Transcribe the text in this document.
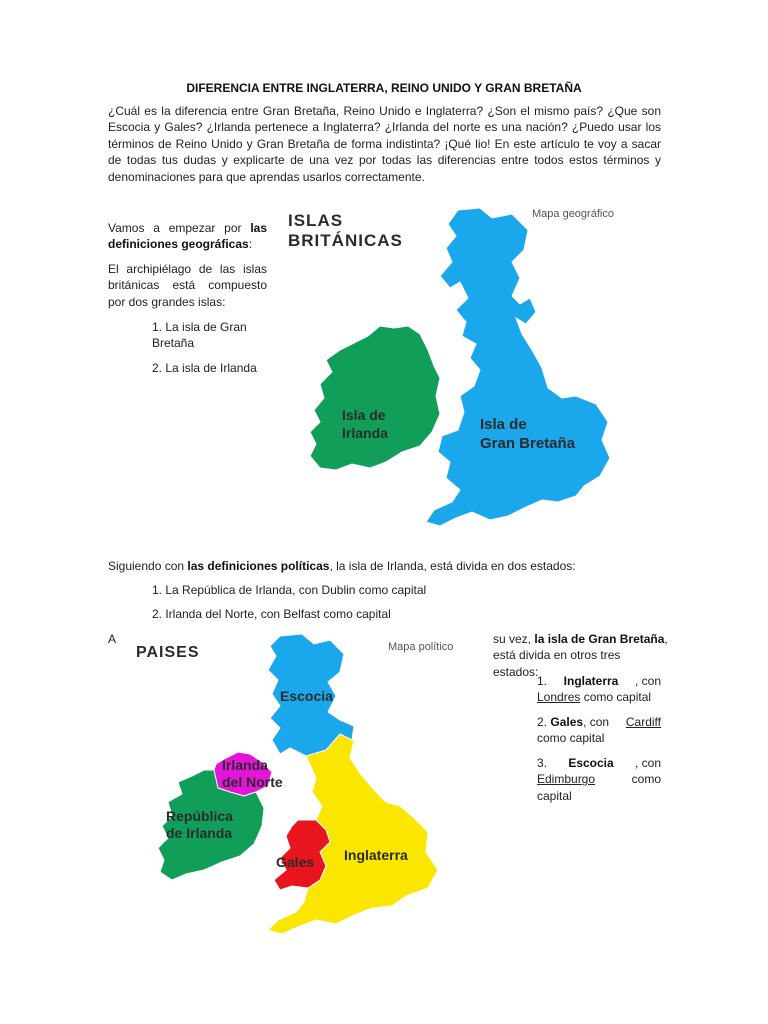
DIFERENCIA ENTRE INGLATERRA, REINO UNIDO Y GRAN BRETAÑA
¿Cuál es la diferencia entre Gran Bretaña, Reino Unido e Inglaterra? ¿Son el mismo país? ¿Que son Escocia y Gales? ¿Irlanda pertenece a Inglaterra? ¿Irlanda del norte es una nación? ¿Puedo usar los términos de Reino Unido y Gran Bretaña de forma indistinta? ¡Qué lio! En este artículo te voy a sacar de todas tus dudas y explicarte de una vez por todas las diferencias entre todos estos términos y denominaciones para que aprendas usarlos correctamente.

Vamos a empezar por las definiciones geográficas:

El archipiélago de las islas británicas está compuesto por dos grandes islas:

1. La isla de Gran
Bretaña
2. La isla de Irlanda
ISLAS
BRITÁNICAS
Mapa geográfico
Isla de
Irlanda	Isla de
Gran Bretaña
Siguiendo con las definiciones políticas, la isla de Irlanda, está divida en dos estados:
1. La República de Irlanda, con Dublin como capital
2. Irlanda del Norte, con Belfast como capital
A	su vez, la isla de Gran Bretaña,
está divida en otros tres estados:
1. Inglaterra , con
Londres como capital
2. Gales, con Cardiff
como capital
3. Escocia , con
Edimburgo como capital
PAISES	Mapa político
Escocia
Irlanda
del Norte
República
de Irlanda
Gales Inglaterra
